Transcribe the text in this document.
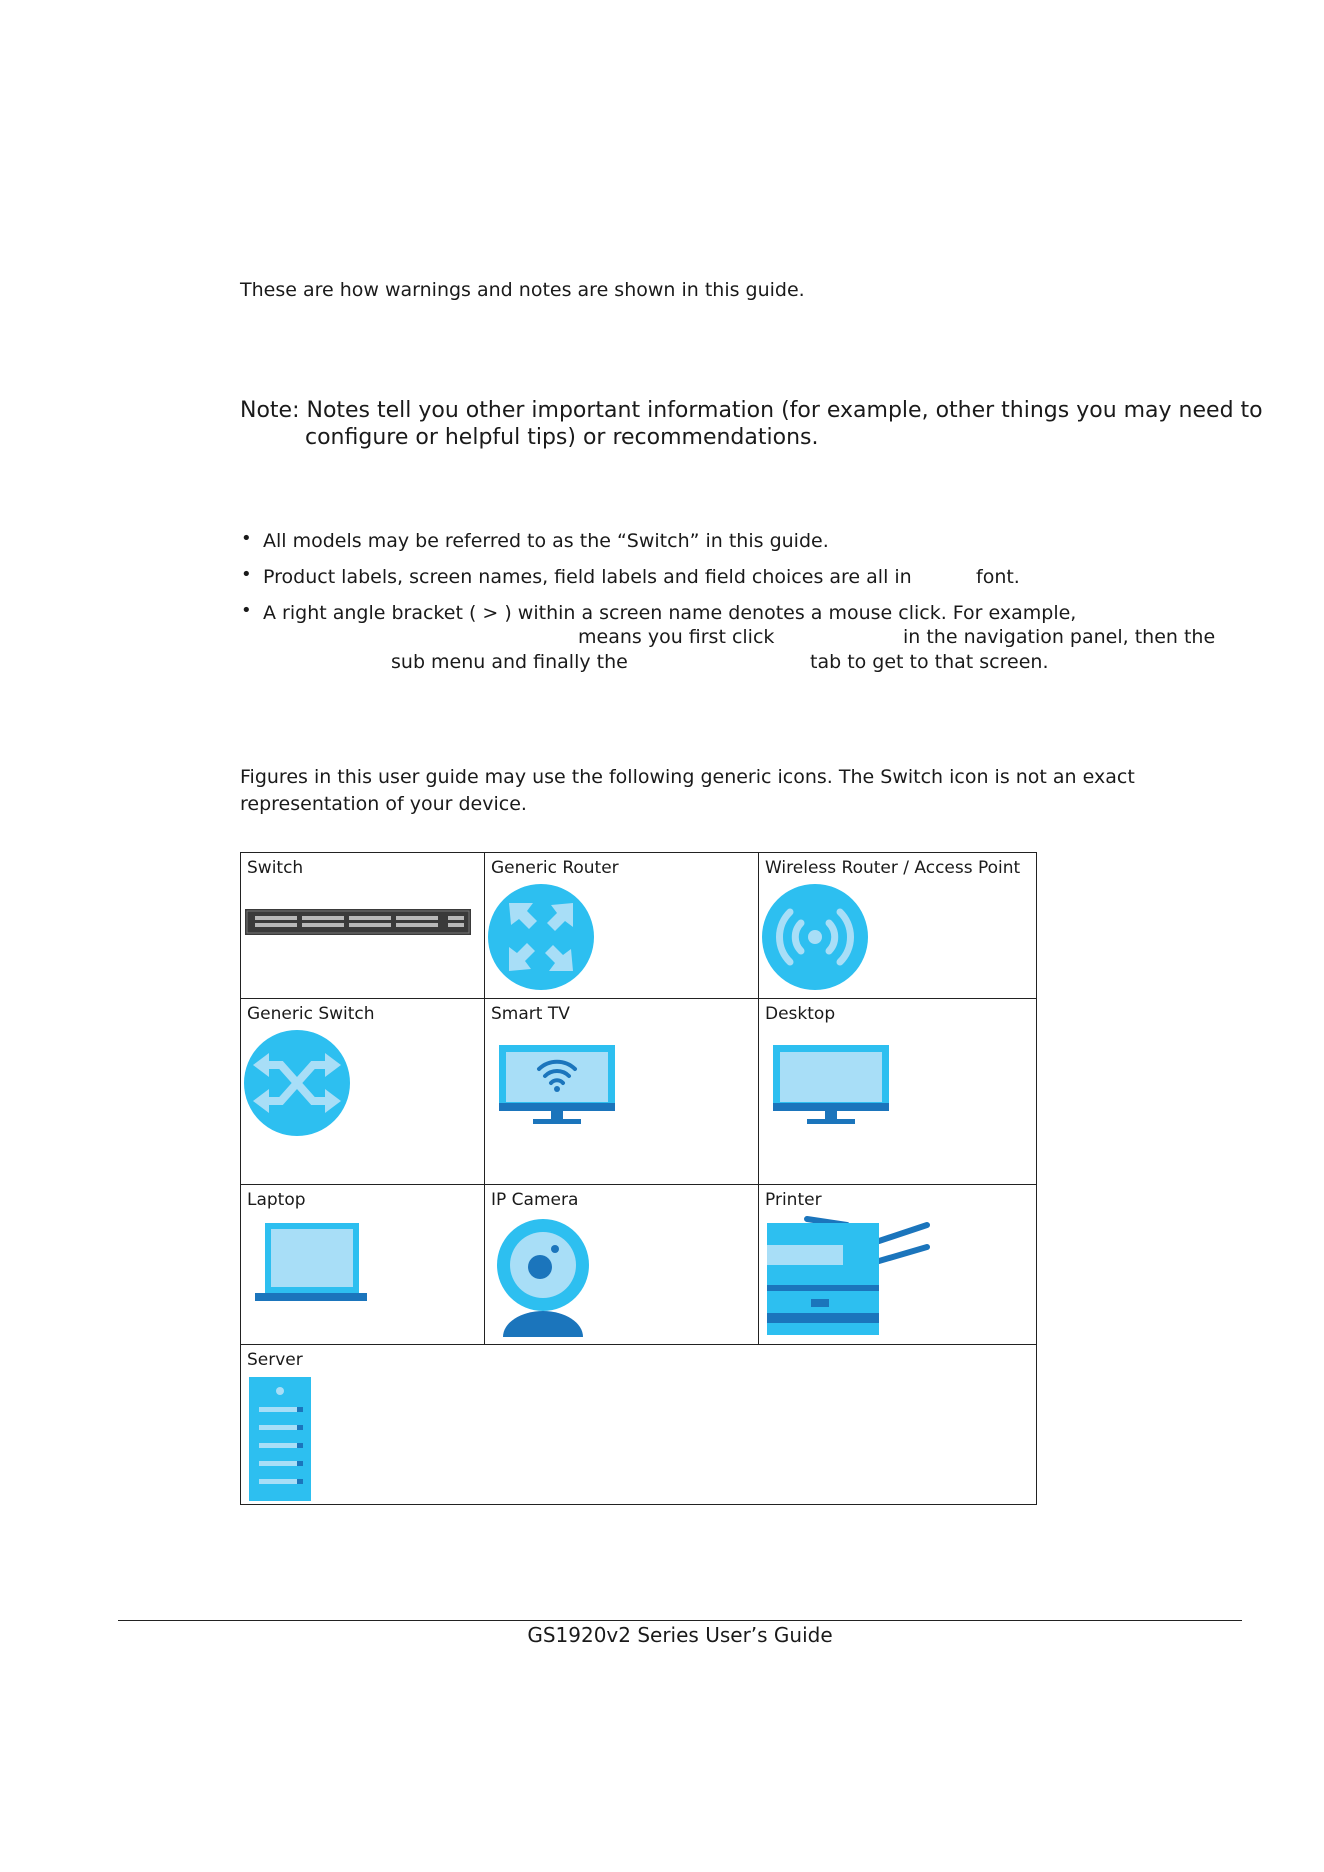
These are how warnings and notes are shown in this guide.
Note: Notes tell you other important information (for example, other things you may need to
configure or helpful tips) or recommendations.
• All models may be referred to as the “Switch” in this guide.
• Product labels, screen names, field labels and field choices are all in	font.
• A right angle bracket ( > ) within a screen name denotes a mouse click. For example,
means you first click	in the navigation panel, then the
sub menu and finally the	tab to get to that screen.
Figures in this user guide may use the following generic icons. The Switch icon is not an exact
representation of your device.
Switch	Generic Router	Wireless Router / Access Point

Generic Switch	Smart TV	Desktop

Laptop	IP Camera	Printer

Server		
GS1920v2 Series User’s Guide
